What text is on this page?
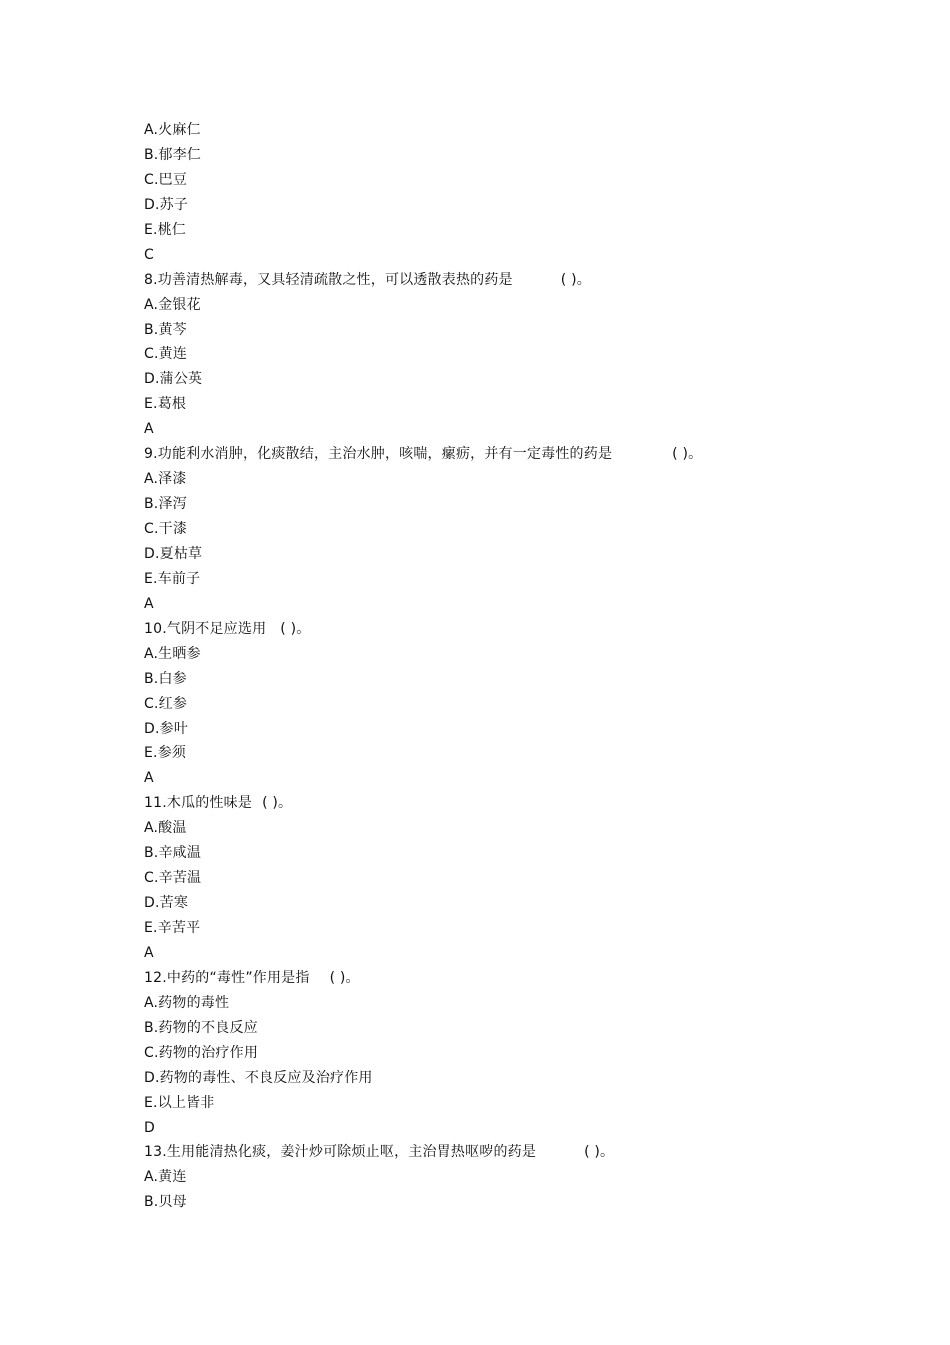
A.火麻仁
B.郁李仁
C.巴豆
D.苏子
E.桃仁
C
8.功善清热解毒，又具轻清疏散之性，可以透散表热的药是	( )。
A.金银花
B.黄芩
C.黄连
D.蒲公英
E.葛根
A
9.功能利水消肿，化痰散结，主治水肿，咳喘，瘰疬，并有一定毒性的药是	( )。
A.泽漆
B.泽泻
C.干漆
D.夏枯草
E.车前子
A
10.气阴不足应选用 ( )。
A.生晒参
B.白参
C.红参
D.参叶
E.参须
A
11.木瓜的性味是 ( )。
A.酸温
B.辛咸温
C.辛苦温
D.苦寒
E.辛苦平
A
12.中药的“毒性”作用是指 ( )。
A.药物的毒性
B.药物的不良反应
C.药物的治疗作用
D.药物的毒性、不良反应及治疗作用
E.以上皆非
D
13.生用能清热化痰，姜汁炒可除烦止呕，主治胃热呕哕的药是	( )。
A.黄连
B.贝母
